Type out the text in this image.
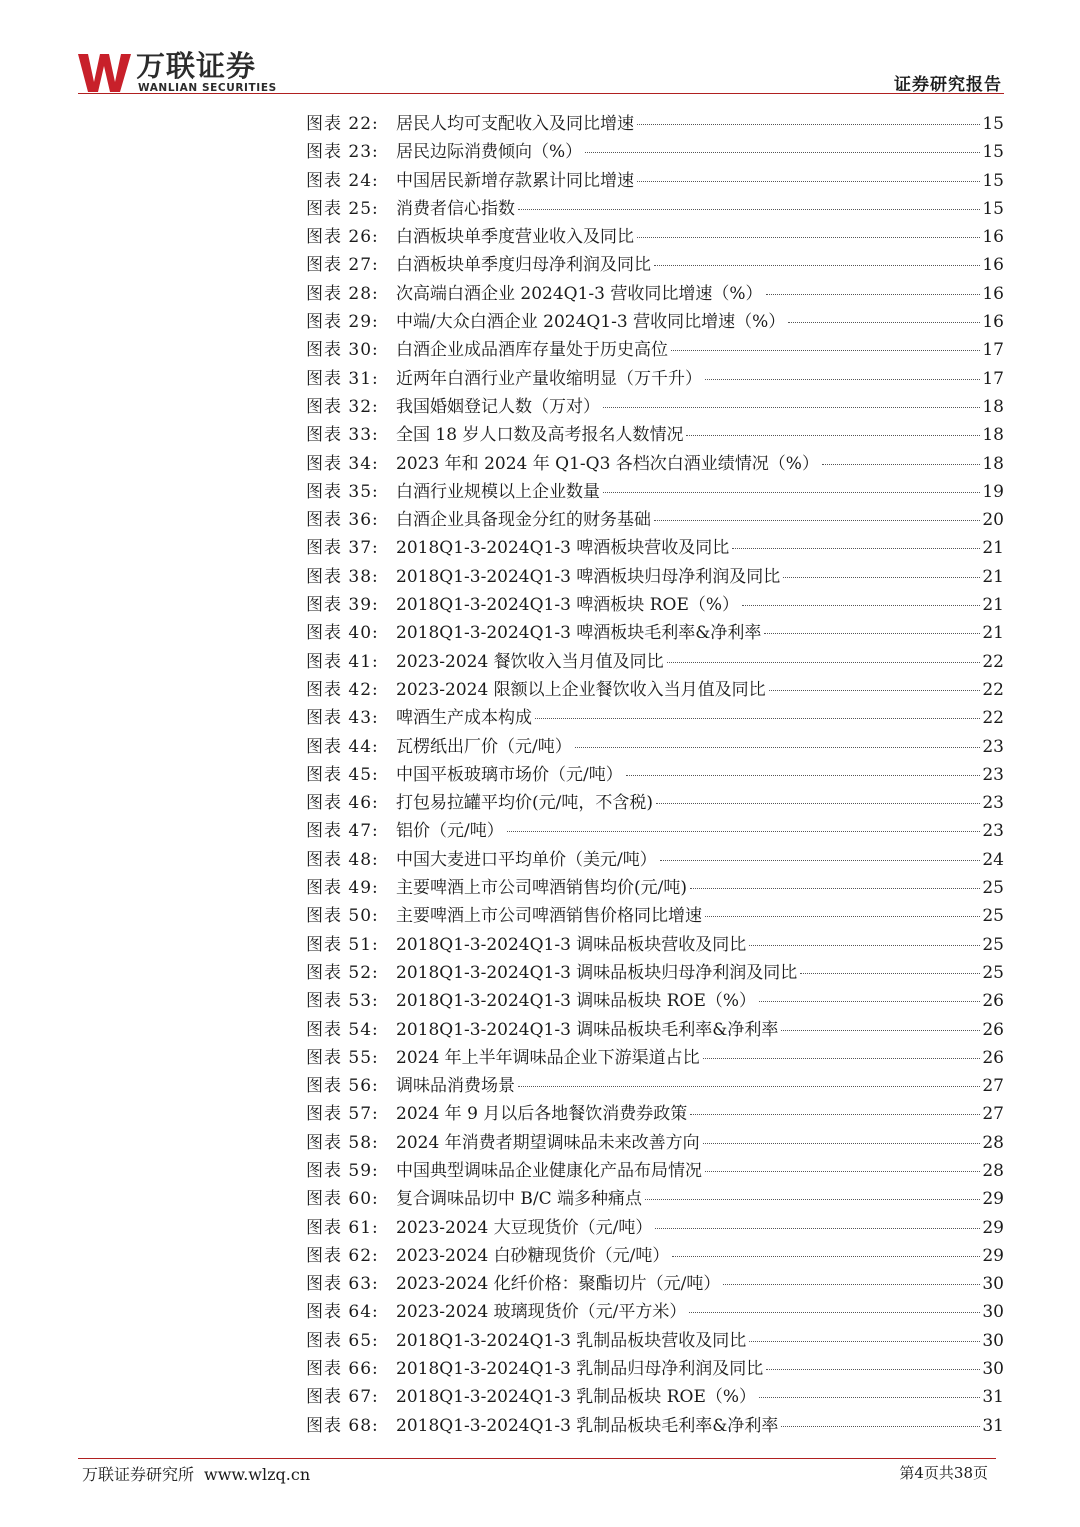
万联证券
WANLIAN SECURITIES	证券研究报告
图表 22:	居民人均可支配收入及同比增速	15
图表 23:	居民边际消费倾向（%）	15
图表 24:	中国居民新增存款累计同比增速	15
图表 25:	消费者信心指数	15
图表 26:	白酒板块单季度营业收入及同比	16
图表 27:	白酒板块单季度归母净利润及同比	16
图表 28:	次高端白酒企业 2024Q1-3 营收同比增速（%）	16
图表 29:	中端/大众白酒企业 2024Q1-3 营收同比增速（%）	16
图表 30:	白酒企业成品酒库存量处于历史高位	17
图表 31:	近两年白酒行业产量收缩明显（万千升）	17
图表 32:	我国婚姻登记人数（万对）	18
图表 33:	全国 18 岁人口数及高考报名人数情况	18
图表 34:	2023 年和 2024 年 Q1-Q3 各档次白酒业绩情况（%）	18
图表 35:	白酒行业规模以上企业数量	19
图表 36:	白酒企业具备现金分红的财务基础	20
图表 37:	2018Q1-3-2024Q1-3 啤酒板块营收及同比	21
图表 38:	2018Q1-3-2024Q1-3 啤酒板块归母净利润及同比	21
图表 39:	2018Q1-3-2024Q1-3 啤酒板块 ROE（%）	21
图表 40:	2018Q1-3-2024Q1-3 啤酒板块毛利率&净利率	21
图表 41:	2023-2024 餐饮收入当月值及同比	22
图表 42:	2023-2024 限额以上企业餐饮收入当月值及同比	22
图表 43:	啤酒生产成本构成	22
图表 44:	瓦楞纸出厂价（元/吨）	23
图表 45:	中国平板玻璃市场价（元/吨）	23
图表 46:	打包易拉罐平均价(元/吨，不含税)	23
图表 47:	铝价（元/吨）	23
图表 48:	中国大麦进口平均单价（美元/吨）	24
图表 49:	主要啤酒上市公司啤酒销售均价(元/吨)	25
图表 50:	主要啤酒上市公司啤酒销售价格同比增速	25
图表 51:	2018Q1-3-2024Q1-3 调味品板块营收及同比	25
图表 52:	2018Q1-3-2024Q1-3 调味品板块归母净利润及同比	25
图表 53:	2018Q1-3-2024Q1-3 调味品板块 ROE（%）	26
图表 54:	2018Q1-3-2024Q1-3 调味品板块毛利率&净利率	26
图表 55:	2024 年上半年调味品企业下游渠道占比	26
图表 56:	调味品消费场景	27
图表 57:	2024 年 9 月以后各地餐饮消费券政策	27
图表 58:	2024 年消费者期望调味品未来改善方向	28
图表 59:	中国典型调味品企业健康化产品布局情况	28
图表 60:	复合调味品切中 B/C 端多种痛点	29
图表 61:	2023-2024 大豆现货价（元/吨）	29
图表 62:	2023-2024 白砂糖现货价（元/吨）	29
图表 63:	2023-2024 化纤价格：聚酯切片（元/吨）	30
图表 64:	2023-2024 玻璃现货价（元/平方米）	30
图表 65:	2018Q1-3-2024Q1-3 乳制品板块营收及同比	30
图表 66:	2018Q1-3-2024Q1-3 乳制品归母净利润及同比	30
图表 67:	2018Q1-3-2024Q1-3 乳制品板块 ROE（%）	31
图表 68:	2018Q1-3-2024Q1-3 乳制品板块毛利率&净利率	31
万联证券研究所 www.wlzq.cn	第4页共38页
